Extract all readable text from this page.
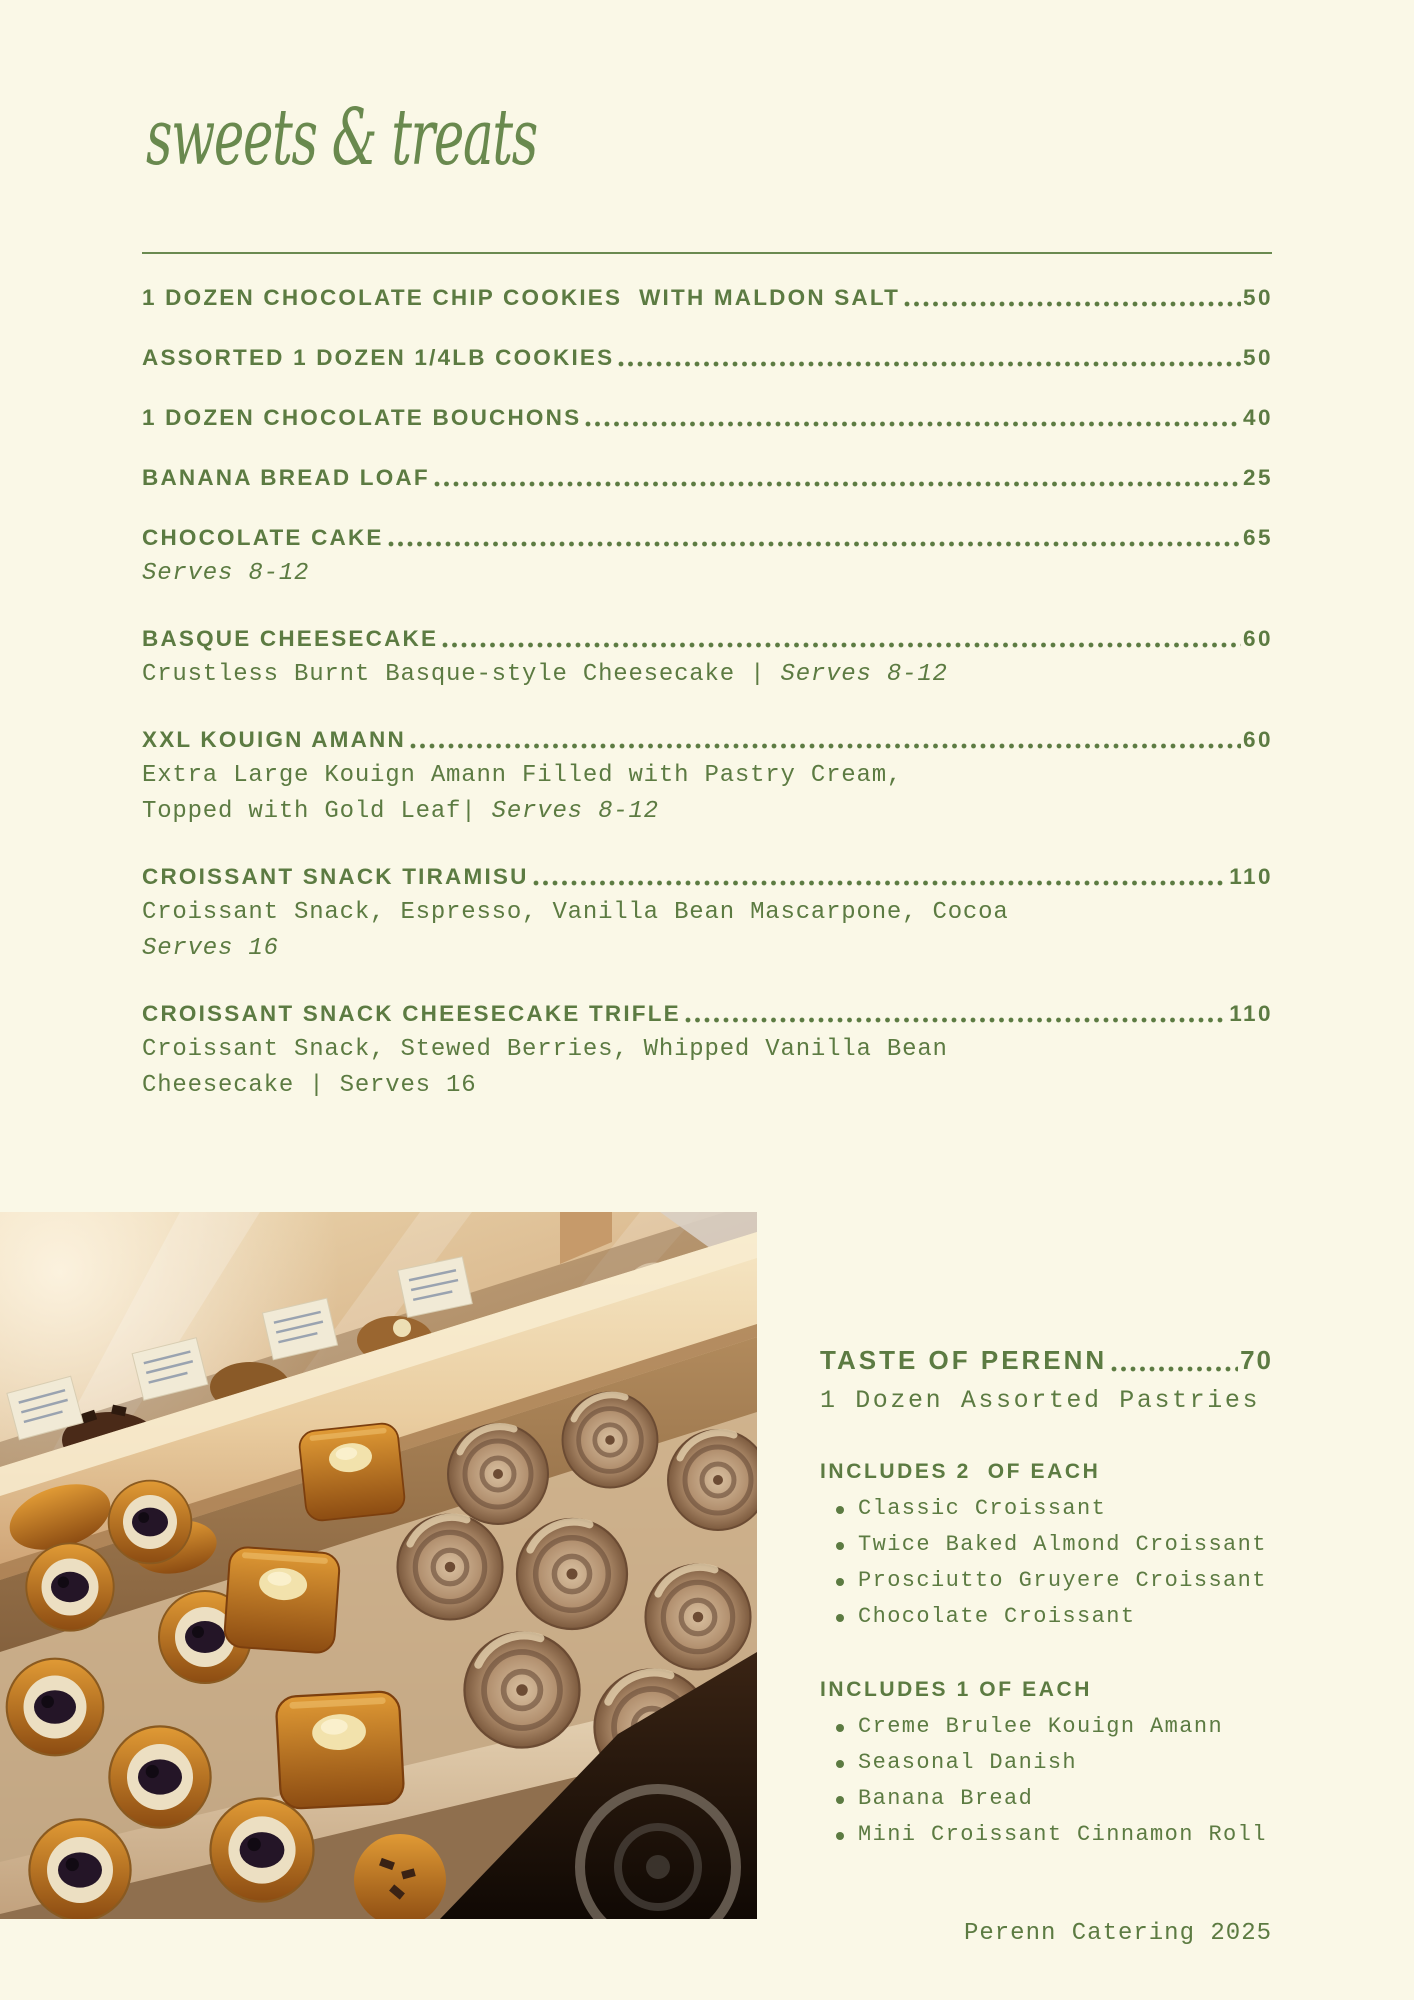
sweets & treats
1 DOZEN CHOCOLATE CHIP COOKIES  WITH MALDON SALT	50
ASSORTED 1 DOZEN 1/4LB COOKIES	50
1 DOZEN CHOCOLATE BOUCHONS	40
BANANA BREAD LOAF	25
CHOCOLATE CAKE	65

Serves 8-12

BASQUE CHEESECAKE	60

Crustless Burnt Basque-style Cheesecake | Serves 8-12

XXL KOUIGN AMANN	60

Extra Large Kouign Amann Filled with Pastry Cream,
Topped with Gold Leaf| Serves 8-12

CROISSANT SNACK TIRAMISU	110

Croissant Snack, Espresso, Vanilla Bean Mascarpone, Cocoa
Serves 16

CROISSANT SNACK CHEESECAKE TRIFLE	110

Croissant Snack, Stewed Berries, Whipped Vanilla Bean
Cheesecake | Serves 16

TASTE OF PERENN	70

1 Dozen Assorted Pastries

INCLUDES 2  OF EACH
Classic Croissant
Twice Baked Almond Croissant
Prosciutto Gruyere Croissant
Chocolate Croissant
INCLUDES 1 OF EACH
Creme Brulee Kouign Amann
Seasonal Danish
Banana Bread
Mini Croissant Cinnamon Roll
Perenn Catering 2025
